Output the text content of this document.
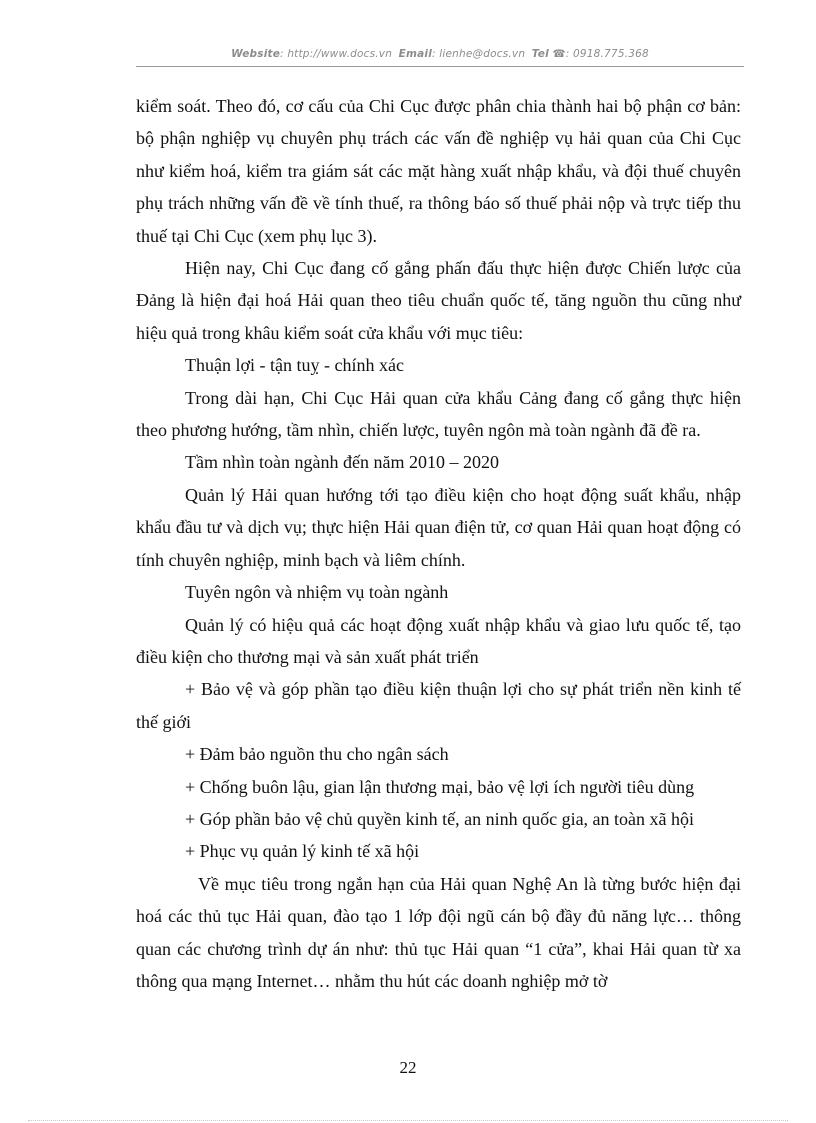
Website: http://www.docs.vn Email: lienhe@docs.vn Tel ☎: 0918.775.368

kiểm soát. Theo đó, cơ cấu của Chi Cục được phân chia thành hai bộ phận cơ bản: bộ phận nghiệp vụ chuyên phụ trách các vấn đề nghiệp vụ hải quan của Chi Cục như kiểm hoá, kiểm tra giám sát các mặt hàng xuất nhập khẩu, và đội thuế chuyên phụ trách những vấn đề về tính thuế, ra thông báo số thuế phải nộp và trực tiếp thu thuế tại Chi Cục (xem phụ lục 3).

Hiện nay, Chi Cục đang cố gắng phấn đấu thực hiện được Chiến lược của Đảng là hiện đại hoá Hải quan theo tiêu chuẩn quốc tế, tăng nguồn thu cũng như hiệu quả trong khâu kiểm soát cửa khẩu với mục tiêu:

Thuận lợi - tận tuỵ - chính xác

Trong dài hạn, Chi Cục Hải quan cửa khẩu Cảng đang cố gắng thực hiện theo phương hướng, tầm nhìn, chiến lược, tuyên ngôn mà toàn ngành đã đề ra.

Tầm nhìn toàn ngành đến năm 2010 – 2020

Quản lý Hải quan hướng tới tạo điều kiện cho hoạt động suất khẩu, nhập khẩu đầu tư và dịch vụ; thực hiện Hải quan điện tử, cơ quan Hải quan hoạt động có tính chuyên nghiệp, minh bạch và liêm chính.

Tuyên ngôn và nhiệm vụ toàn ngành

Quản lý có hiệu quả các hoạt động xuất nhập khẩu và giao lưu quốc tế, tạo điều kiện cho thương mại và sản xuất phát triển

+ Bảo vệ và góp phần tạo điều kiện thuận lợi cho sự phát triển nền kinh tế thế giới

+ Đảm bảo nguồn thu cho ngân sách

+ Chống buôn lậu, gian lận thương mại, bảo vệ lợi ích người tiêu dùng

+ Góp phần bảo vệ chủ quyền kinh tế, an ninh quốc gia, an toàn xã hội

+ Phục vụ quản lý kinh tế xã hội

Về mục tiêu trong ngắn hạn của Hải quan Nghệ An là từng bước hiện đại hoá các thủ tục Hải quan, đào tạo 1 lớp đội ngũ cán bộ đầy đủ năng lực… thông quan các chương trình dự án như: thủ tục Hải quan “1 cửa”, khai Hải quan từ xa thông qua mạng Internet… nhằm thu hút các doanh nghiệp mở tờ

22
